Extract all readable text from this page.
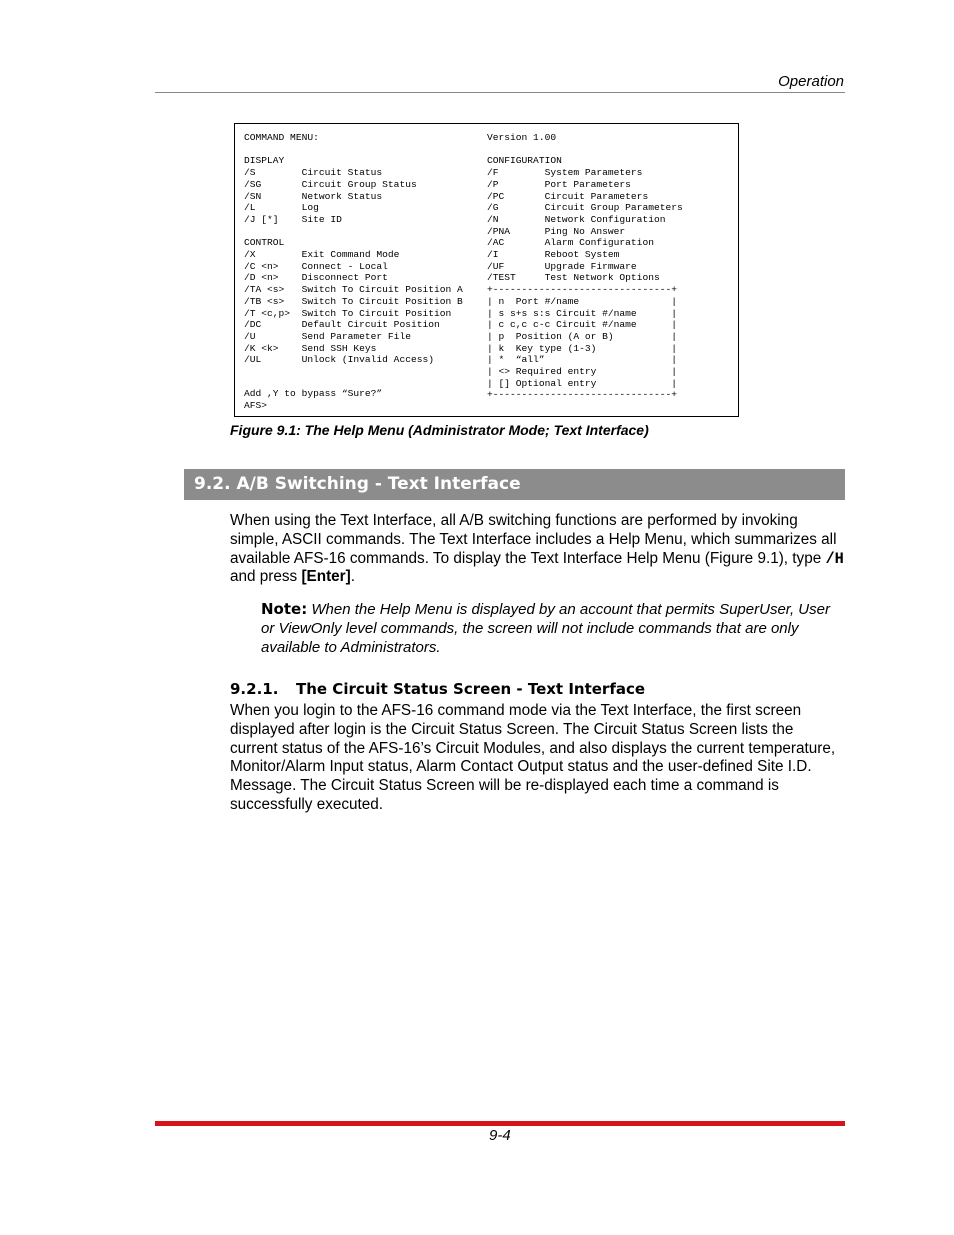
Operation
COMMAND MENU:

DISPLAY
/S        Circuit Status
/SG       Circuit Group Status
/SN       Network Status
/L        Log
/J [*]    Site ID

CONTROL
/X        Exit Command Mode
/C <n>    Connect - Local
/D <n>    Disconnect Port
/TA <s>   Switch To Circuit Position A
/TB <s>   Switch To Circuit Position B
/T <c,p>  Switch To Circuit Position
/DC       Default Circuit Position
/U        Send Parameter File
/K <k>    Send SSH Keys
/UL       Unlock (Invalid Access)
Version 1.00

CONFIGURATION
/F        System Parameters
/P        Port Parameters
/PC       Circuit Parameters
/G        Circuit Group Parameters
/N        Network Configuration
/PNA      Ping No Answer
/AC       Alarm Configuration
/I        Reboot System
/UF       Upgrade Firmware
/TEST     Test Network Options
+-------------------------------+
| n  Port #/name                |
| s s+s s:s Circuit #/name      |
| c c,c c-c Circuit #/name      |
| p  Position (A or B)          |
| k  Key type (1-3)             |
| *  “all”                      |
| <> Required entry             |
| [] Optional entry             |
+-------------------------------+
Add ,Y to bypass “Sure?”
AFS>
Figure 9.1: The Help Menu (Administrator Mode; Text Interface)
9.2. A/B Switching - Text Interface
When using the Text Interface, all A/B switching functions are performed by invoking simple, ASCII commands. The Text Interface includes a Help Menu, which summarizes all available AFS-16 commands. To display the Text Interface Help Menu (Figure 9.1), type /H and press [Enter].
Note: When the Help Menu is displayed by an account that permits SuperUser, User or ViewOnly level commands, the screen will not include commands that are only available to Administrators.
9.2.1. The Circuit Status Screen - Text Interface
When you login to the AFS-16 command mode via the Text Interface, the first screen displayed after login is the Circuit Status Screen. The Circuit Status Screen lists the current status of the AFS-16’s Circuit Modules, and also displays the current temperature, Monitor/Alarm Input status, Alarm Contact Output status and the user-defined Site I.D. Message. The Circuit Status Screen will be re-displayed each time a command is successfully executed.
9-4
